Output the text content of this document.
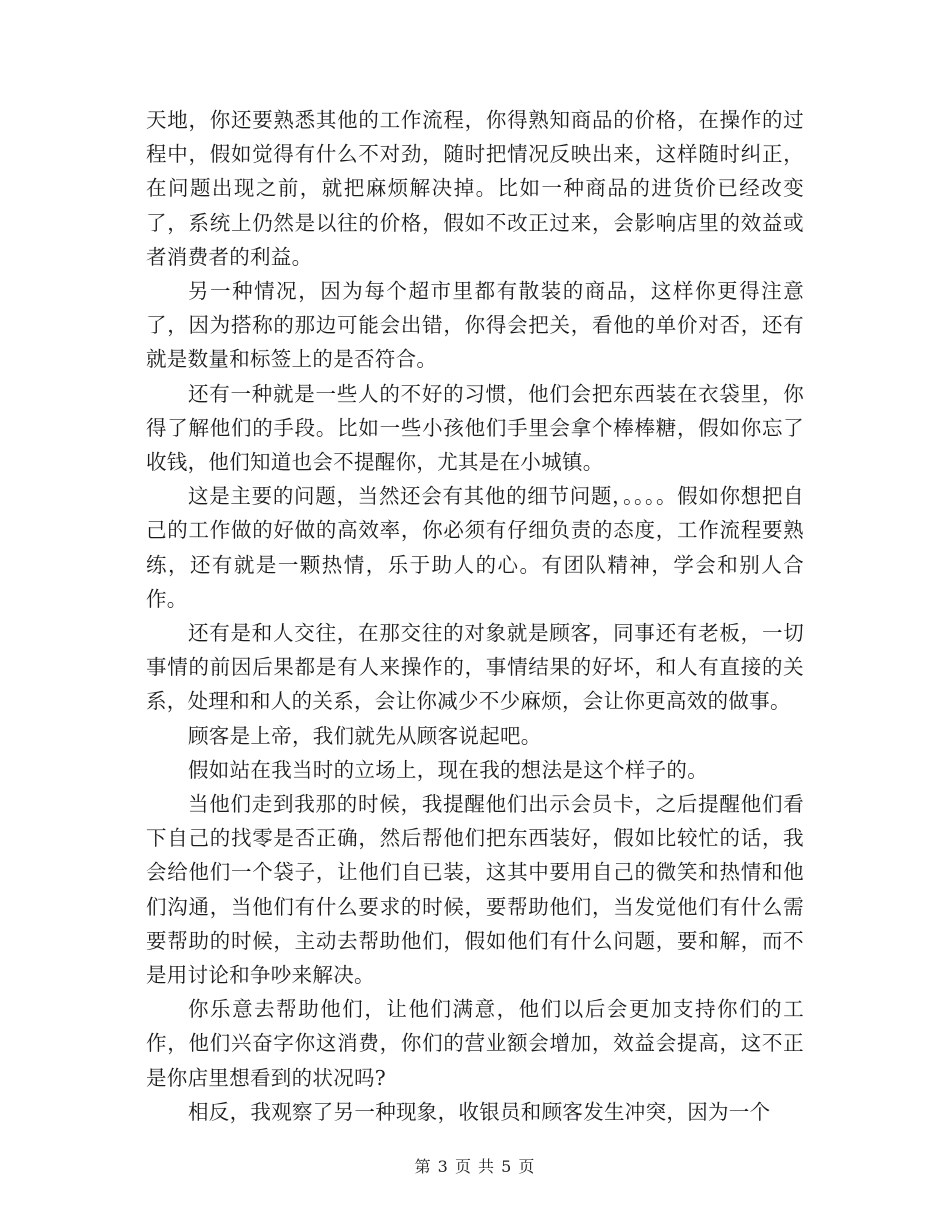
天地，你还要熟悉其他的工作流程，你得熟知商品的价格，在操作的过程中，假如觉得有什么不对劲，随时把情况反映出来，这样随时纠正，在问题出现之前，就把麻烦解决掉。比如一种商品的进货价已经改变了，系统上仍然是以往的价格，假如不改正过来，会影响店里的效益或者消费者的利益。

另一种情况，因为每个超市里都有散装的商品，这样你更得注意了，因为搭称的那边可能会出错，你得会把关，看他的单价对否，还有就是数量和标签上的是否符合。

还有一种就是一些人的不好的习惯，他们会把东西装在衣袋里，你得了解他们的手段。比如一些小孩他们手里会拿个棒棒糖，假如你忘了收钱，他们知道也会不提醒你，尤其是在小城镇。

这是主要的问题，当然还会有其他的细节问题，。。。。假如你想把自己的工作做的好做的高效率，你必须有仔细负责的态度，工作流程要熟练，还有就是一颗热情，乐于助人的心。有团队精神，学会和别人合作。

还有是和人交往，在那交往的对象就是顾客，同事还有老板，一切事情的前因后果都是有人来操作的，事情结果的好坏，和人有直接的关系，处理和和人的关系，会让你减少不少麻烦，会让你更高效的做事。

顾客是上帝，我们就先从顾客说起吧。

假如站在我当时的立场上，现在我的想法是这个样子的。

当他们走到我那的时候，我提醒他们出示会员卡，之后提醒他们看下自己的找零是否正确，然后帮他们把东西装好，假如比较忙的话，我会给他们一个袋子，让他们自已装，这其中要用自己的微笑和热情和他们沟通，当他们有什么要求的时候，要帮助他们，当发觉他们有什么需要帮助的时候，主动去帮助他们，假如他们有什么问题，要和解，而不是用讨论和争吵来解决。

你乐意去帮助他们，让他们满意，他们以后会更加支持你们的工作，他们兴奋字你这消费，你们的营业额会增加，效益会提高，这不正是你店里想看到的状况吗?

相反，我观察了另一种现象，收银员和顾客发生冲突，因为一个

第 3 页 共 5 页
